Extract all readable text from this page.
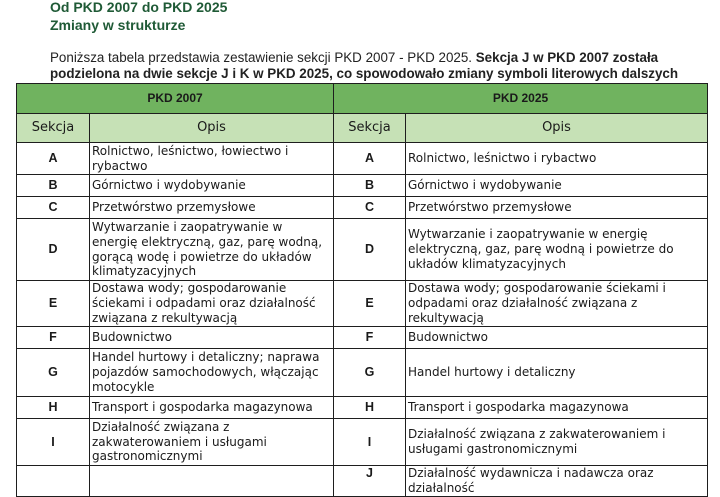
Od PKD 2007 do PKD 2025
Zmiany w strukturze
Poniższa tabela przedstawia zestawienie sekcji PKD 2007 - PKD 2025. Sekcja J w PKD 2007 została podzielona na dwie sekcje J i K w PKD 2025, co spowodowało zmiany symboli literowych dalszych
PKD 2007		PKD 2025	
Sekcja	Opis	Sekcja	Opis
A	Rolnictwo, leśnictwo, łowiectwo i rybactwo	A	Rolnictwo, leśnictwo i rybactwo
B	Górnictwo i wydobywanie	B	Górnictwo i wydobywanie
C	Przetwórstwo przemysłowe	C	Przetwórstwo przemysłowe
D	Wytwarzanie i zaopatrywanie w energię elektryczną, gaz, parę wodną, gorącą wodę i powietrze do układów klimatyzacyjnych	D	Wytwarzanie i zaopatrywanie w energię elektryczną, gaz, parę wodną i powietrze do układów klimatyzacyjnych
E	Dostawa wody; gospodarowanie ściekami i odpadami oraz działalność związana z rekultywacją	E	Dostawa wody; gospodarowanie ściekami i odpadami oraz działalność związana z rekultywacją
F	Budownictwo	F	Budownictwo
G	Handel hurtowy i detaliczny; naprawa pojazdów samochodowych, włączając motocykle	G	Handel hurtowy i detaliczny
H	Transport i gospodarka magazynowa	H	Transport i gospodarka magazynowa
I	Działalność związana z zakwaterowaniem i usługami gastronomicznymi	I	Działalność związana z zakwaterowaniem i usługami gastronomicznymi
		J	Działalność wydawnicza i nadawcza oraz działalność
